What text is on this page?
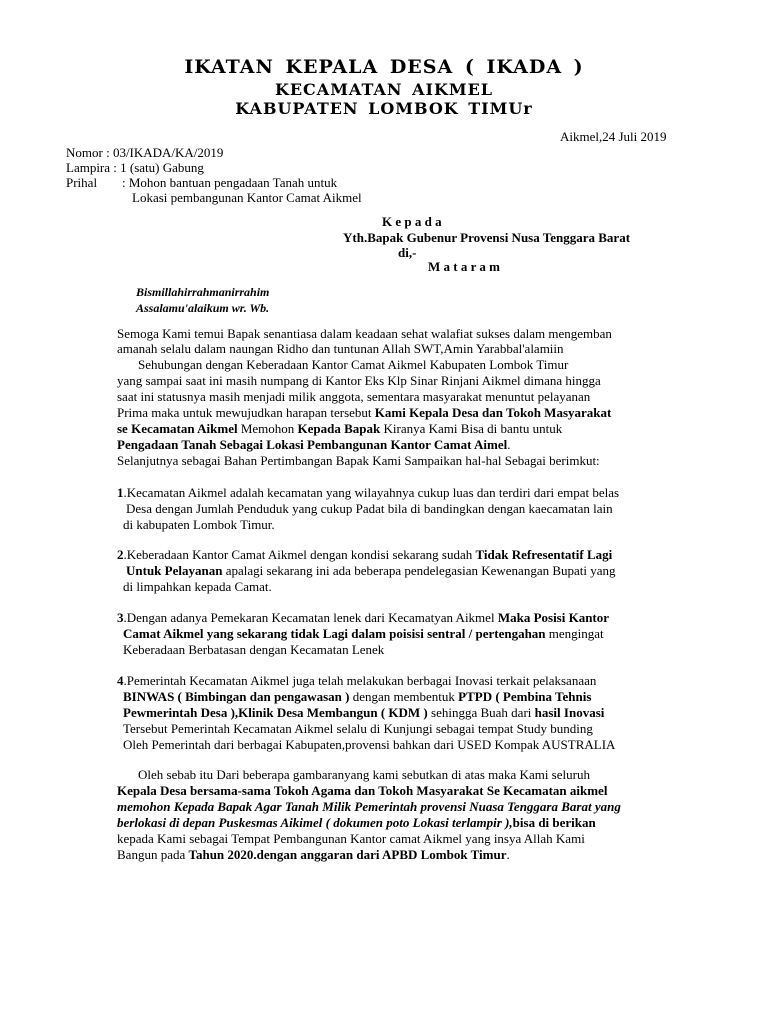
IKATAN KEPALA DESA ( IKADA )
KECAMATAN AIKMEL
KABUPATEN LOMBOK TIMUr
Aikmel,24 Juli 2019
Nomor : 03/IKADA/KA/2019
Lampira : 1 (satu) Gabung
Prihal : Mohon bantuan pengadaan Tanah untuk
Lokasi pembangunan Kantor Camat Aikmel
K e p a d a
Yth.Bapak Gubenur Provensi Nusa Tenggara Barat
di,-
M a t a r a m
Bismillahirrahmanirrahim
Assalamu'alaikum wr. Wb.
Semoga Kami temui Bapak senantiasa dalam keadaan sehat walafiat sukses dalam mengemban
amanah selalu dalam naungan Ridho dan tuntunan Allah SWT,Amin Yarabbal'alamiin
Sehubungan dengan Keberadaan Kantor Camat Aikmel Kabupaten Lombok Timur
yang sampai saat ini masih numpang di Kantor Eks Klp Sinar Rinjani Aikmel dimana hingga
saat ini statusnya masih menjadi milik anggota, sementara masyarakat menuntut pelayanan
Prima maka untuk mewujudkan harapan tersebut Kami Kepala Desa dan Tokoh Masyarakat
se Kecamatan Aikmel Memohon Kepada Bapak Kiranya Kami Bisa di bantu untuk
Pengadaan Tanah Sebagai Lokasi Pembangunan Kantor Camat Aimel.
Selanjutnya sebagai Bahan Pertimbangan Bapak Kami Sampaikan hal-hal Sebagai berimkut:
1.Kecamatan Aikmel adalah kecamatan yang wilayahnya cukup luas dan terdiri dari empat belas
Desa dengan Jumlah Penduduk yang cukup Padat bila di bandingkan dengan kaecamatan lain
di kabupaten Lombok Timur.
2.Keberadaan Kantor Camat Aikmel dengan kondisi sekarang sudah Tidak Refresentatif Lagi
Untuk Pelayanan apalagi sekarang ini ada beberapa pendelegasian Kewenangan Bupati yang
di limpahkan kepada Camat.
3.Dengan adanya Pemekaran Kecamatan lenek dari Kecamatyan Aikmel Maka Posisi Kantor
Camat Aikmel yang sekarang tidak Lagi dalam poisisi sentral / pertengahan mengingat
Keberadaan Berbatasan dengan Kecamatan Lenek
4.Pemerintah Kecamatan Aikmel juga telah melakukan berbagai Inovasi terkait pelaksanaan
BINWAS ( Bimbingan dan pengawasan ) dengan membentuk PTPD ( Pembina Tehnis
Pewmerintah Desa ),Klinik Desa Membangun ( KDM ) sehingga Buah dari hasil Inovasi
Tersebut Pemerintah Kecamatan Aikmel selalu di Kunjungi sebagai tempat Study bunding
Oleh Pemerintah dari berbagai Kabupaten,provensi bahkan dari USED Kompak AUSTRALIA
Oleh sebab itu Dari beberapa gambaranyang kami sebutkan di atas maka Kami seluruh
Kepala Desa bersama-sama Tokoh Agama dan Tokoh Masyarakat Se Kecamatan aikmel
memohon Kepada Bapak Agar Tanah Milik Pemerintah provensi Nuasa Tenggara Barat yang
berlokasi di depan Puskesmas Aikimel ( dokumen poto Lokasi terlampir ),bisa di berikan
kepada Kami sebagai Tempat Pembangunan Kantor camat Aikmel yang insya Allah Kami
Bangun pada Tahun 2020.dengan anggaran dari APBD Lombok Timur.
